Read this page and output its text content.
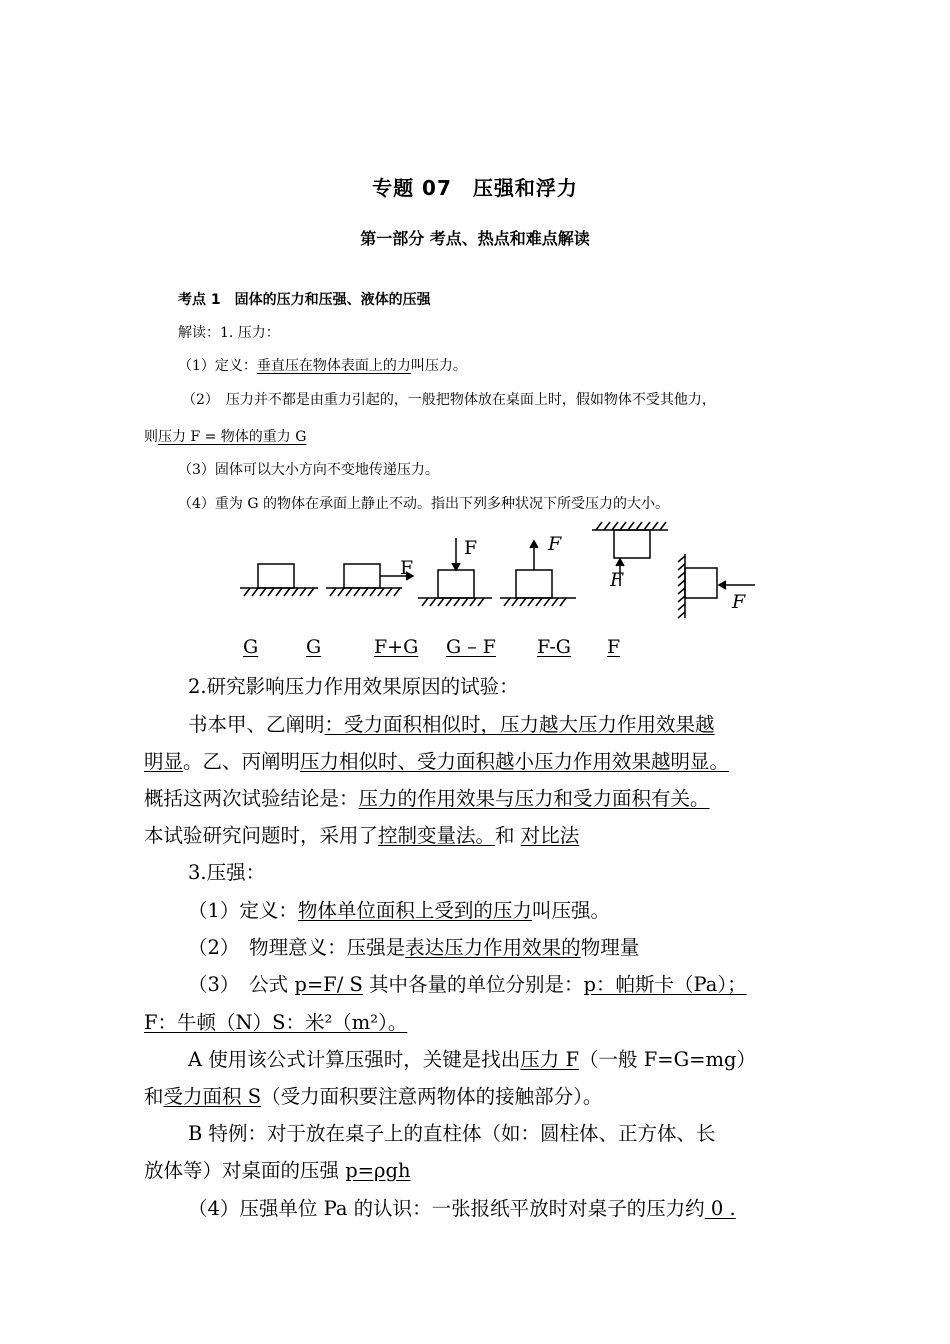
专题 07　压强和浮力
第一部分 考点、热点和难点解读
考点 1　固体的压力和压强、液体的压强
解读：1. 压力：
（1）定义：垂直压在物体表面上的力叫压力。
（2）　压力并不都是由重力引起的，一般把物体放在桌面上时，假如物体不受其他力，
则压力 F = 物体的重力 G
（3）固体可以大小方向不变地传递压力。
（4）重为 G 的物体在承面上静止不动。指出下列多种状况下所受压力的大小。
F
F	F
F
F
G	G	F+G G – F F-G F
2.研究影响压力作用效果原因的试验：
书本甲、乙阐明：受力面积相似时，压力越大压力作用效果越
明显。乙、丙阐明压力相似时、受力面积越小压力作用效果越明显。
概括这两次试验结论是：压力的作用效果与压力和受力面积有关。
本试验研究问题时，采用了控制变量法。和 对比法
3.压强：
（1）定义：物体单位面积上受到的压力叫压强。
（2）　物理意义：压强是表达压力作用效果的物理量
（3）　公式 p=F/ S 其中各量的单位分别是：p：帕斯卡（Pa）；
F：牛顿（N）S：米²（m²）。
A 使用该公式计算压强时，关键是找出压力 F（一般 F=G=mg）
和受力面积 S（受力面积要注意两物体的接触部分）。
B 特例：对于放在桌子上的直柱体（如：圆柱体、正方体、长
放体等）对桌面的压强 p=ρgh
（4）压强单位 Pa 的认识：一张报纸平放时对桌子的压力约 0 .
